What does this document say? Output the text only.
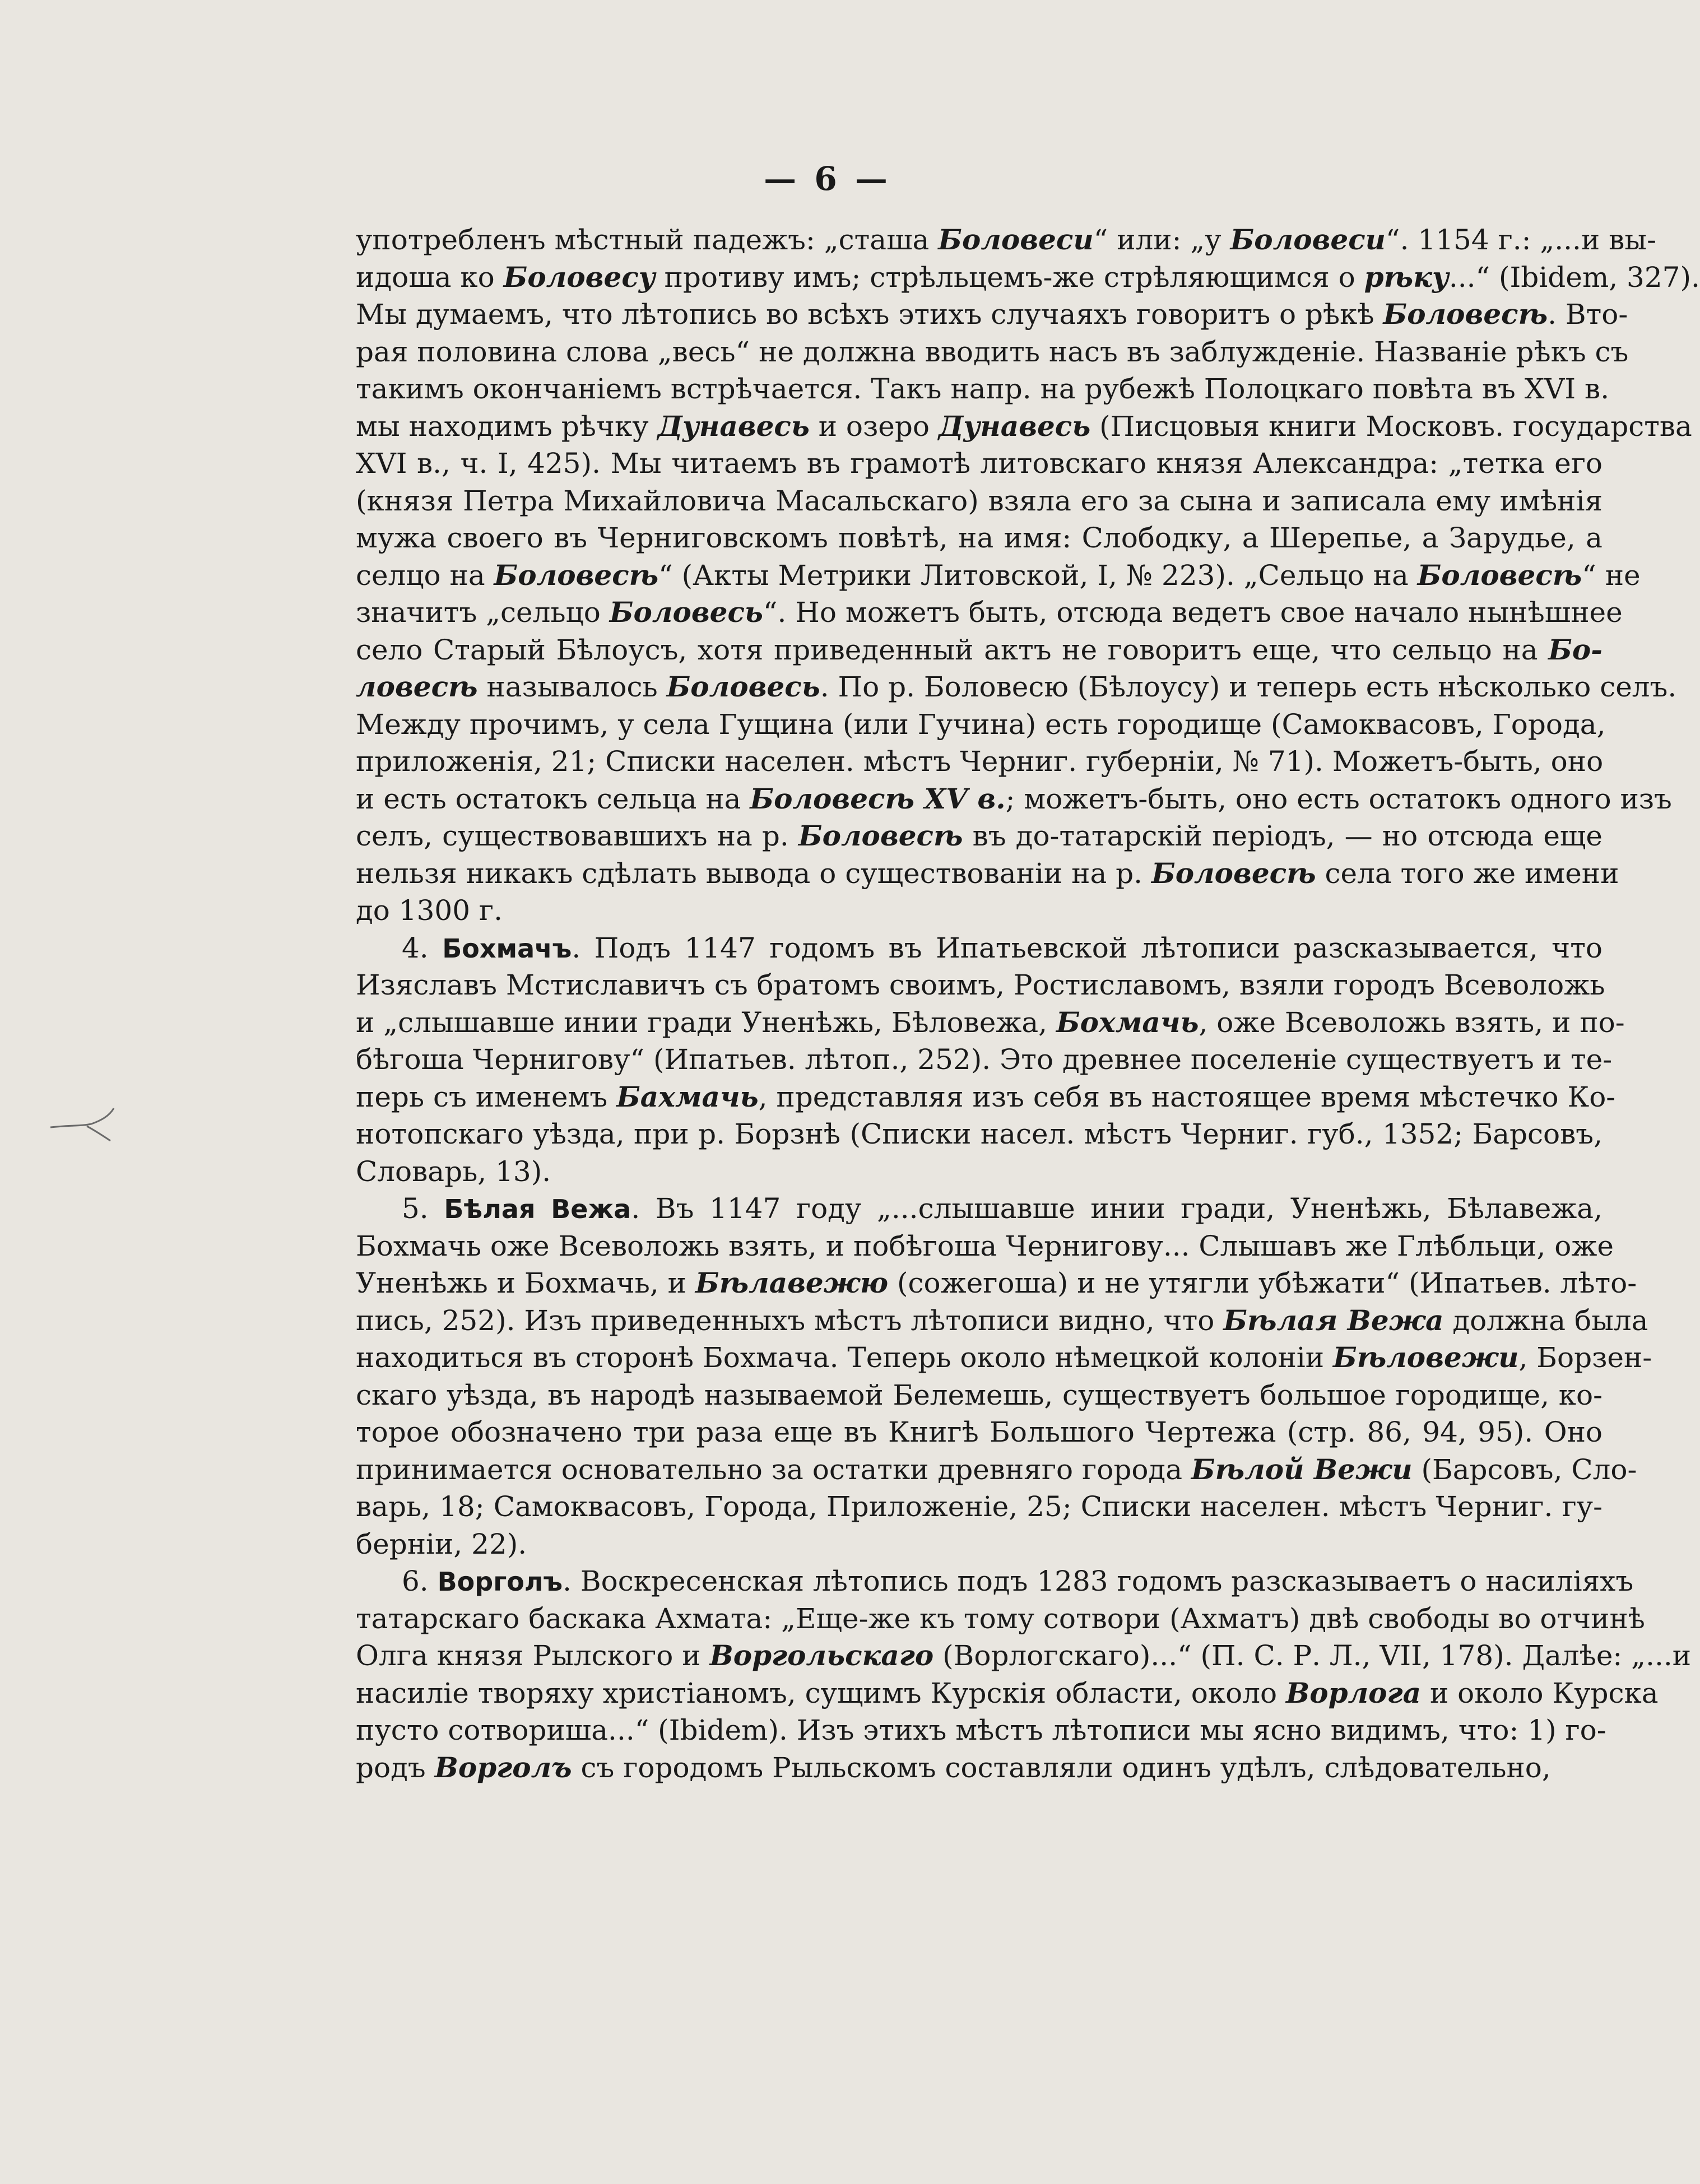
— 6 —
употребленъ мѣстный падежъ: „сташа Боловеси“ или: „у Боловеси“. 1154 г.: „...и вы-
идоша ко Боловесу противу имъ; стрѣльцемъ-же стрѣляющимся о рѣку...“ (Ibidem, 327).
Мы думаемъ, что лѣтопись во всѣхъ этихъ случаяхъ говоритъ о рѣкѣ Боловесѣ. Вто-
рая половина слова „весь“ не должна вводить насъ въ заблужденіе. Названіе рѣкъ съ
такимъ окончаніемъ встрѣчается. Такъ напр. на рубежѣ Полоцкаго повѣта въ XVI в.
мы находимъ рѣчку Дунавесь и озеро Дунавесь (Писцовыя книги Московъ. государства
XVI в., ч. I, 425). Мы читаемъ въ грамотѣ литовскаго князя Александра: „тетка его
(князя Петра Михайловича Масальскаго) взяла его за сына и записала ему имѣнія
мужа своего въ Черниговскомъ повѣтѣ, на имя: Слободку, а Шерепье, а Зарудье, а
селцо на Боловесѣ“ (Акты Метрики Литовской, I, № 223). „Сельцо на Боловесѣ“ не
значитъ „сельцо Боловесь“. Но можетъ быть, отсюда ведетъ свое начало нынѣшнее
село Старый Бѣлоусъ, хотя приведенный актъ не говоритъ еще, что сельцо на Бо-
ловесѣ называлось Боловесь. По р. Боловесю (Бѣлоусу) и теперь есть нѣсколько селъ.
Между прочимъ, у села Гущина (или Гучина) есть городище (Самоквасовъ, Города,
приложенія, 21; Списки населен. мѣстъ Черниг. губерніи, № 71). Можетъ-быть, оно
и есть остатокъ сельца на Боловесѣ XV в.; можетъ-быть, оно есть остатокъ одного изъ
селъ, существовавшихъ на р. Боловесѣ въ до-татарскій періодъ, — но отсюда еще
нельзя никакъ сдѣлать вывода о существованіи на р. Боловесѣ села того же имени
до 1300 г.
4. Бохмачъ. Подъ 1147 годомъ въ Ипатьевской лѣтописи разсказывается, что
Изяславъ Мстиславичъ съ братомъ своимъ, Ростиславомъ, взяли городъ Всеволожь
и „слышавше инии гради Уненѣжь, Бѣловежа, Бохмачь, оже Всеволожь взять, и по-
бѣгоша Чернигову“ (Ипатьев. лѣтоп., 252). Это древнее поселеніе существуетъ и те-
перь съ именемъ Бахмачь, представляя изъ себя въ настоящее время мѣстечко Ко-
нотопскаго уѣзда, при р. Борзнѣ (Списки насел. мѣстъ Черниг. губ., 1352; Барсовъ,
Словарь, 13).
5. Бѣлая Вежа. Въ 1147 году „...слышавше инии гради, Уненѣжь, Бѣлавежа,
Бохмачь оже Всеволожь взять, и побѣгоша Чернигову... Слышавъ же Глѣбльци, оже
Уненѣжь и Бохмачь, и Бѣлавежю (сожегоша) и не утягли убѣжати“ (Ипатьев. лѣто-
пись, 252). Изъ приведенныхъ мѣстъ лѣтописи видно, что Бѣлая Вежа должна была
находиться въ сторонѣ Бохмача. Теперь около нѣмецкой колоніи Бѣловежи, Борзен-
скаго уѣзда, въ народѣ называемой Белемешь, существуетъ большое городище, ко-
торое обозначено три раза еще въ Книгѣ Большого Чертежа (стр. 86, 94, 95). Оно
принимается основательно за остатки древняго города Бѣлой Вежи (Барсовъ, Сло-
варь, 18; Самоквасовъ, Города, Приложеніе, 25; Списки населен. мѣстъ Черниг. гу-
берніи, 22).
6. Ворголъ. Воскресенская лѣтопись подъ 1283 годомъ разсказываетъ о насиліяхъ
татарскаго баскака Ахмата: „Еще-же къ тому сотвори (Ахматъ) двѣ свободы во отчинѣ
Олга князя Рылского и Воргольскаго (Ворлогскаго)...“ (П. С. Р. Л., VII, 178). Далѣе: „...и
насиліе творяху христіаномъ, сущимъ Курскія области, около Ворлога и около Курска
пусто сотвориша...“ (Ibidem). Изъ этихъ мѣстъ лѣтописи мы ясно видимъ, что: 1) го-
родъ Ворголъ съ городомъ Рыльскомъ составляли одинъ удѣлъ, слѣдовательно,
